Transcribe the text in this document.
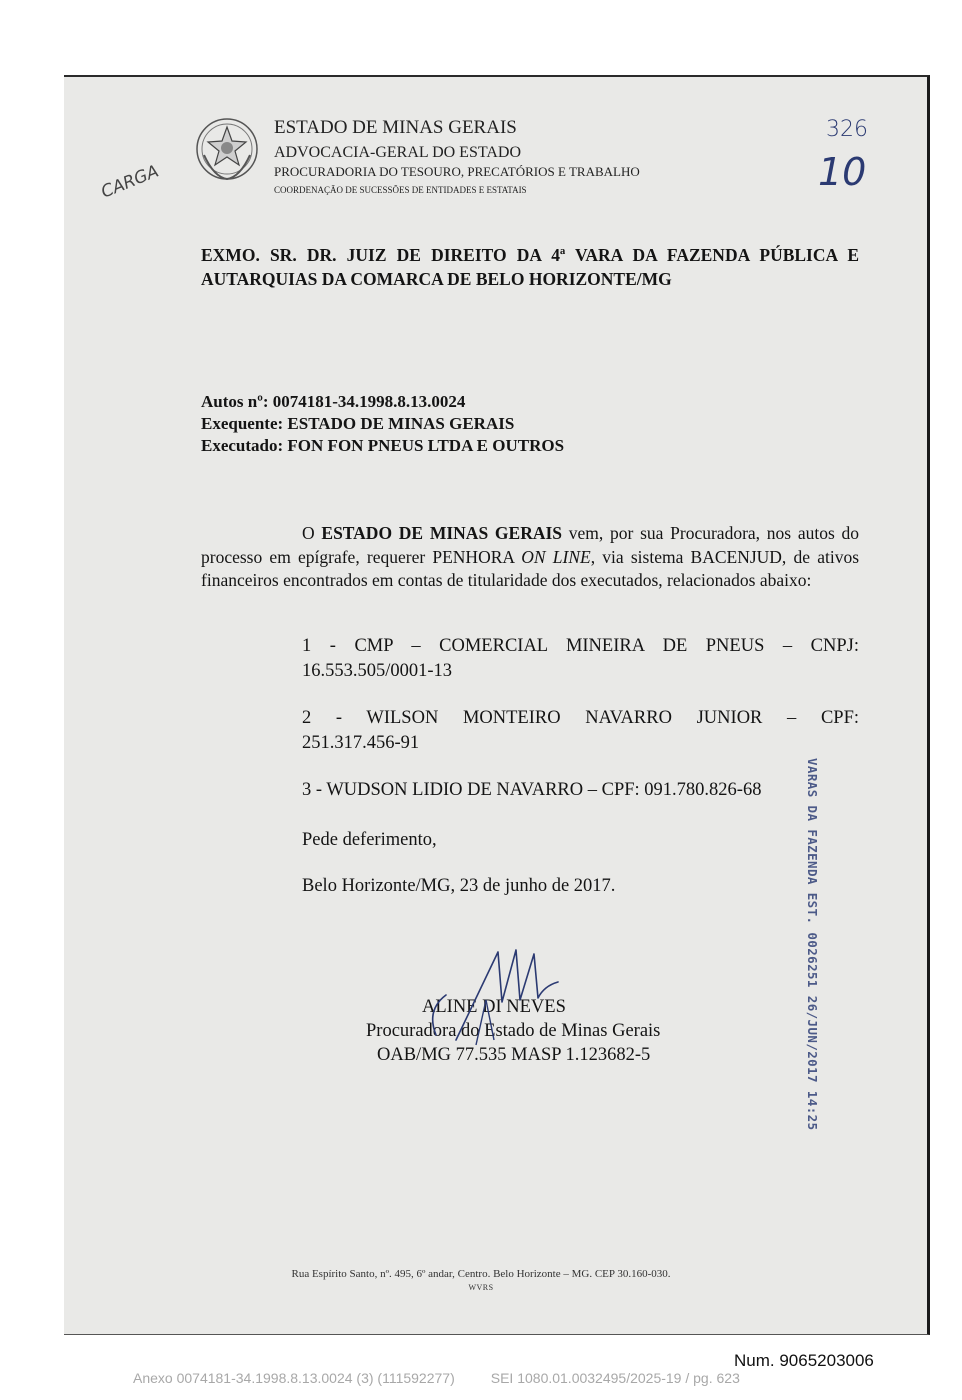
ESTADO DE MINAS GERAIS
ADVOCACIA-GERAL DO ESTADO
PROCURADORIA DO TESOURO, PRECATÓRIOS E TRABALHO
COORDENAÇÃO DE SUCESSÕES DE ENTIDADES E ESTATAIS
326
10
CARGA
EXMO. SR. DR. JUIZ DE DIREITO DA 4ª VARA DA FAZENDA PÚBLICA E
AUTARQUIAS DA COMARCA DE BELO HORIZONTE/MG
Autos nº: 0074181-34.1998.8.13.0024
Exequente: ESTADO DE MINAS GERAIS
Executado: FON FON PNEUS LTDA E OUTROS
O ESTADO DE MINAS GERAIS vem, por sua Procuradora, nos autos do processo em epígrafe, requerer PENHORA ON LINE, via sistema BACENJUD, de ativos financeiros encontrados em contas de titularidade dos executados, relacionados abaixo:
1 - CMP – COMERCIAL MINEIRA DE PNEUS – CNPJ:
16.553.505/0001-13
2 - WILSON MONTEIRO NAVARRO JUNIOR – CPF:
251.317.456-91
3 - WUDSON LIDIO DE NAVARRO – CPF: 091.780.826-68
Pede deferimento,
Belo Horizonte/MG, 23 de junho de 2017.
ALINE DI NEVES
Procuradora do Estado de Minas Gerais
OAB/MG 77.535 MASP 1.123682-5	VARAS DA FAZENDA EST. 0026251 26/JUN/2017 14:25
Rua Espírito Santo, nº. 495, 6º andar, Centro. Belo Horizonte – MG. CEP 30.160-030.
WVRS
Num. 9065203006
Anexo 0074181-34.1998.8.13.0024 (3) (111592277)	SEI 1080.01.0032495/2025-19 / pg. 623
